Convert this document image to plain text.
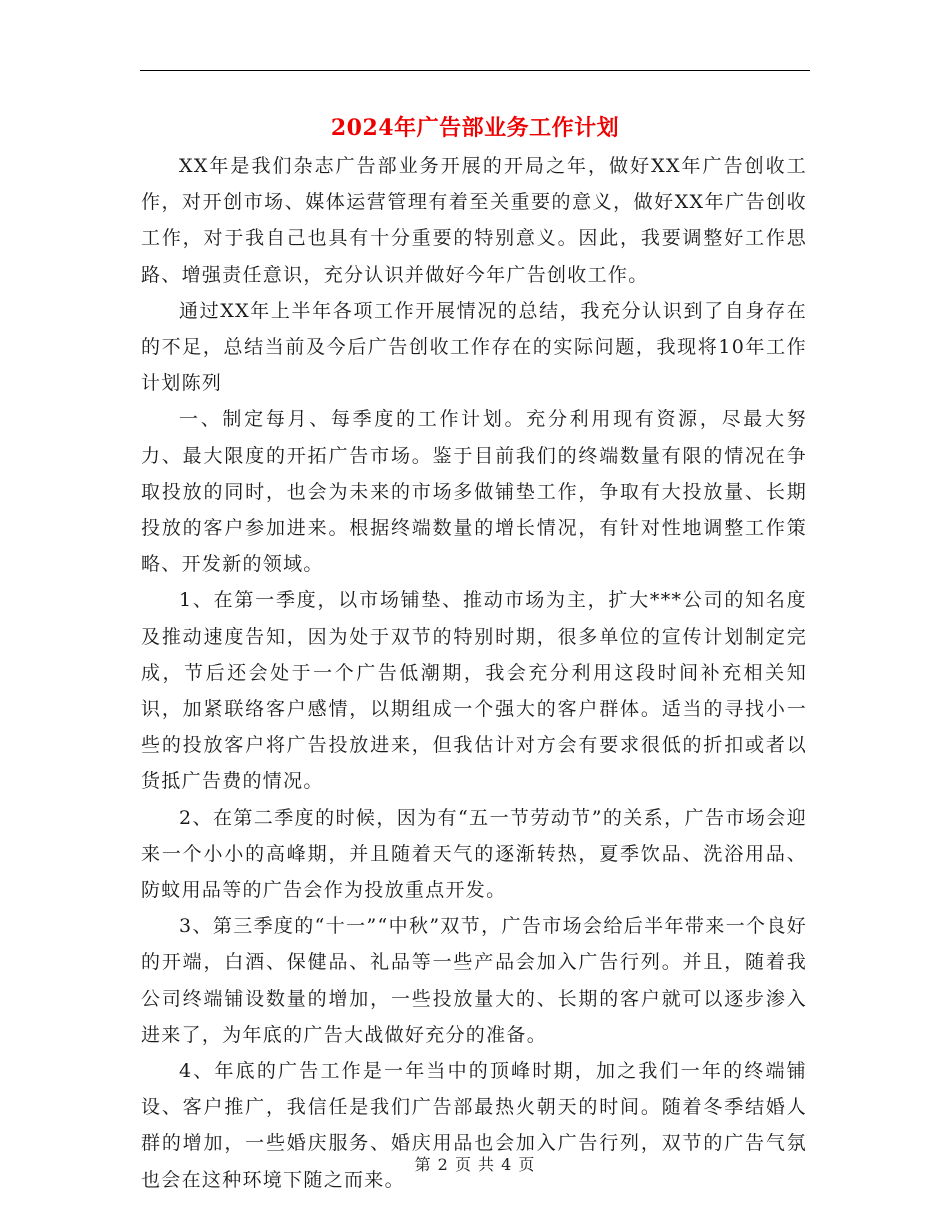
2024年广告部业务工作计划

XX年是我们杂志广告部业务开展的开局之年，做好XX年广告创收工作，对开创市场、媒体运营管理有着至关重要的意义，做好XX年广告创收工作，对于我自己也具有十分重要的特别意义。因此，我要调整好工作思路、增强责任意识，充分认识并做好今年广告创收工作。

通过XX年上半年各项工作开展情况的总结，我充分认识到了自身存在的不足，总结当前及今后广告创收工作存在的实际问题，我现将10年工作计划陈列

一、制定每月、每季度的工作计划。充分利用现有资源，尽最大努力、最大限度的开拓广告市场。鉴于目前我们的终端数量有限的情况在争取投放的同时，也会为未来的市场多做铺垫工作，争取有大投放量、长期投放的客户参加进来。根据终端数量的增长情况，有针对性地调整工作策略、开发新的领域。

1、在第一季度，以市场铺垫、推动市场为主，扩大***公司的知名度及推动速度告知，因为处于双节的特别时期，很多单位的宣传计划制定完成，节后还会处于一个广告低潮期，我会充分利用这段时间补充相关知识，加紧联络客户感情，以期组成一个强大的客户群体。适当的寻找小一些的投放客户将广告投放进来，但我估计对方会有要求很低的折扣或者以货抵广告费的情况。

2、在第二季度的时候，因为有“五一节劳动节”的关系，广告市场会迎来一个小小的高峰期，并且随着天气的逐渐转热，夏季饮品、洗浴用品、防蚊用品等的广告会作为投放重点开发。

3、第三季度的“十一”“中秋”双节，广告市场会给后半年带来一个良好的开端，白酒、保健品、礼品等一些产品会加入广告行列。并且，随着我公司终端铺设数量的增加，一些投放量大的、长期的客户就可以逐步渗入进来了，为年底的广告大战做好充分的准备。

4、年底的广告工作是一年当中的顶峰时期，加之我们一年的终端铺设、客户推广，我信任是我们广告部最热火朝天的时间。随着冬季结婚人群的增加，一些婚庆服务、婚庆用品也会加入广告行列，双节的广告气氛也会在这种环境下随之而来。

第 2 页 共 4 页
